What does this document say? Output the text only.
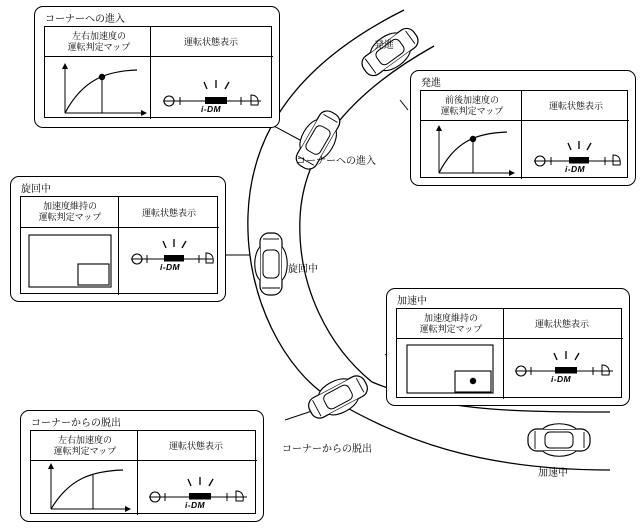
発進
コーナーへの進入
旋回中
コーナーからの脱出
加速中
コーナーへの進入
左右加速度の
運転判定マップ	運転状態表示
i-DM
発進
前後加速度の
運転判定マップ	運転状態表示
i-DM
旋回中
加速度維持の
運転判定マップ	運転状態表示
i-DM
加速中
加速度維持の
運転判定マップ	運転状態表示
i-DM
コーナーからの脱出
左右加速度の
運転判定マップ	運転状態表示
i-DM
